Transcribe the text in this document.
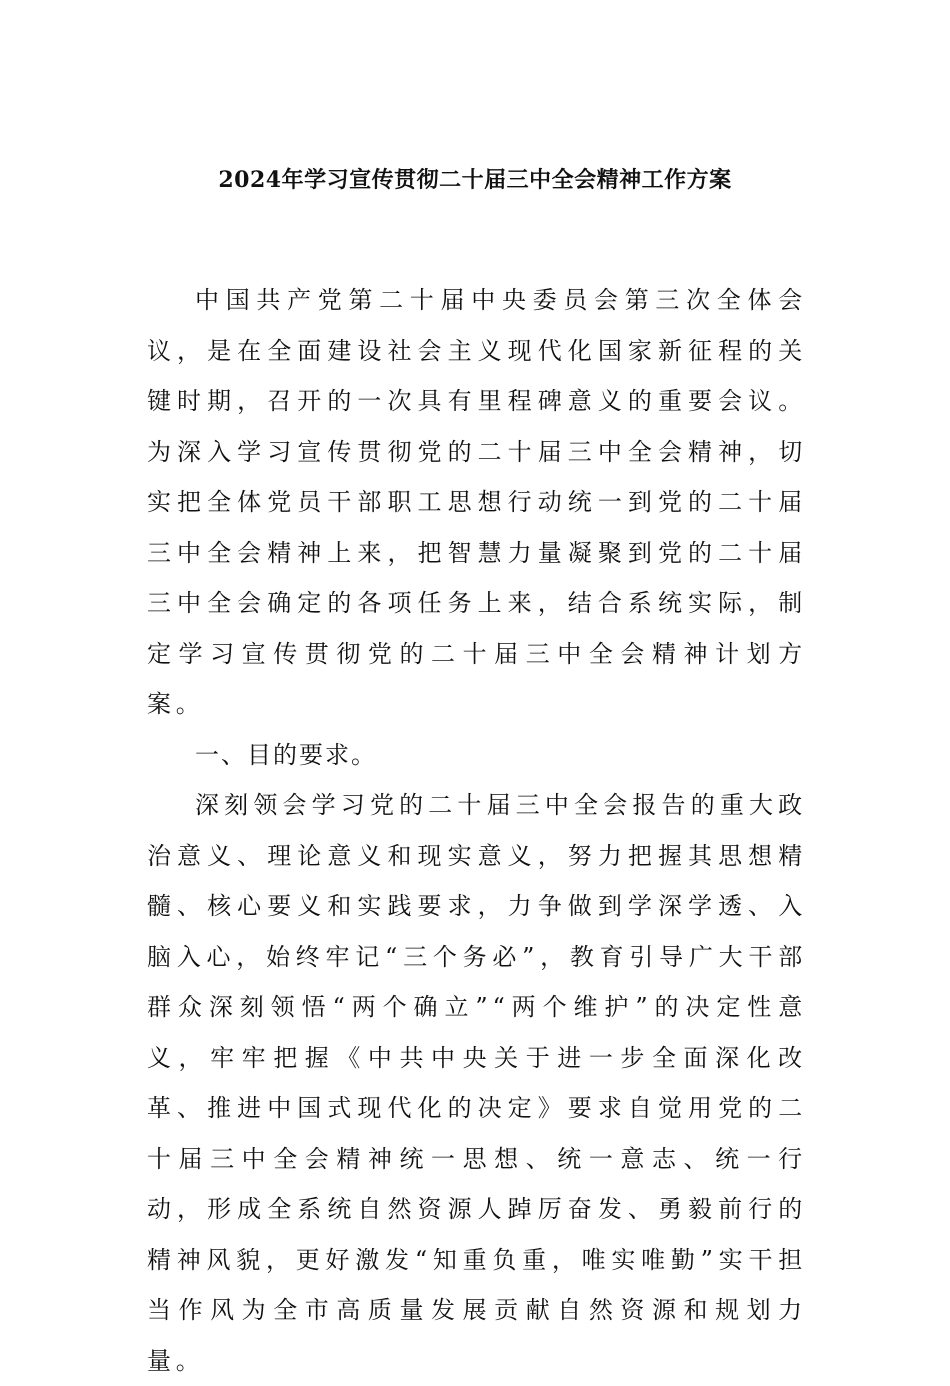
2024年学习宣传贯彻二十届三中全会精神工作方案

中国共产党第二十届中央委员会第三次全体会议，是在全面建设社会主义现代化国家新征程的关键时期，召开的一次具有里程碑意义的重要会议。为深入学习宣传贯彻党的二十届三中全会精神，切实把全体党员干部职工思想行动统一到党的二十届三中全会精神上来，把智慧力量凝聚到党的二十届三中全会确定的各项任务上来，结合系统实际，制定学习宣传贯彻党的二十届三中全会精神计划方案。

一、目的要求。

深刻领会学习党的二十届三中全会报告的重大政治意义、理论意义和现实意义，努力把握其思想精髓、核心要义和实践要求，力争做到学深学透、入脑入心，始终牢记“三个务必”，教育引导广大干部群众深刻领悟“两个确立”“两个维护”的决定性意义，牢牢把握《中共中央关于进一步全面深化改革、推进中国式现代化的决定》要求自觉用党的二十届三中全会精神统一思想、统一意志、统一行动，形成全系统自然资源人踔厉奋发、勇毅前行的精神风貌，更好激发“知重负重，唯实唯勤”实干担当作风为全市高质量发展贡献自然资源和规划力量。
